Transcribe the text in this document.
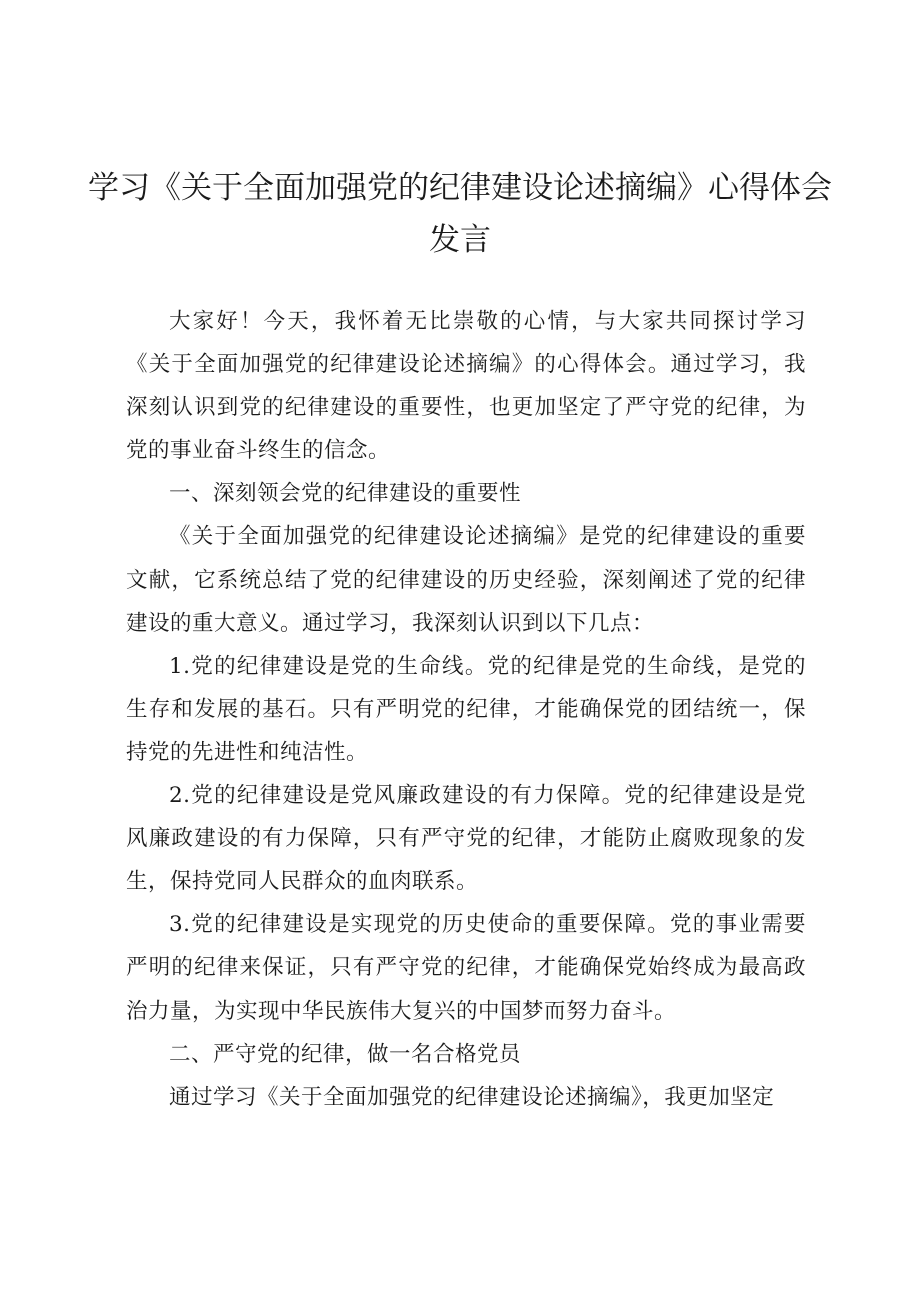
学习《关于全面加强党的纪律建设论述摘编》心得体会
发言

大家好！今天，我怀着无比崇敬的心情，与大家共同探讨学习《关于全面加强党的纪律建设论述摘编》的心得体会。通过学习，我深刻认识到党的纪律建设的重要性，也更加坚定了严守党的纪律，为党的事业奋斗终生的信念。

一、深刻领会党的纪律建设的重要性

《关于全面加强党的纪律建设论述摘编》是党的纪律建设的重要文献，它系统总结了党的纪律建设的历史经验，深刻阐述了党的纪律建设的重大意义。通过学习，我深刻认识到以下几点：

1.党的纪律建设是党的生命线。党的纪律是党的生命线，是党的生存和发展的基石。只有严明党的纪律，才能确保党的团结统一，保持党的先进性和纯洁性。

2.党的纪律建设是党风廉政建设的有力保障。党的纪律建设是党风廉政建设的有力保障，只有严守党的纪律，才能防止腐败现象的发生，保持党同人民群众的血肉联系。

3.党的纪律建设是实现党的历史使命的重要保障。党的事业需要严明的纪律来保证，只有严守党的纪律，才能确保党始终成为最高政治力量，为实现中华民族伟大复兴的中国梦而努力奋斗。

二、严守党的纪律，做一名合格党员

通过学习《关于全面加强党的纪律建设论述摘编》，我更加坚定
